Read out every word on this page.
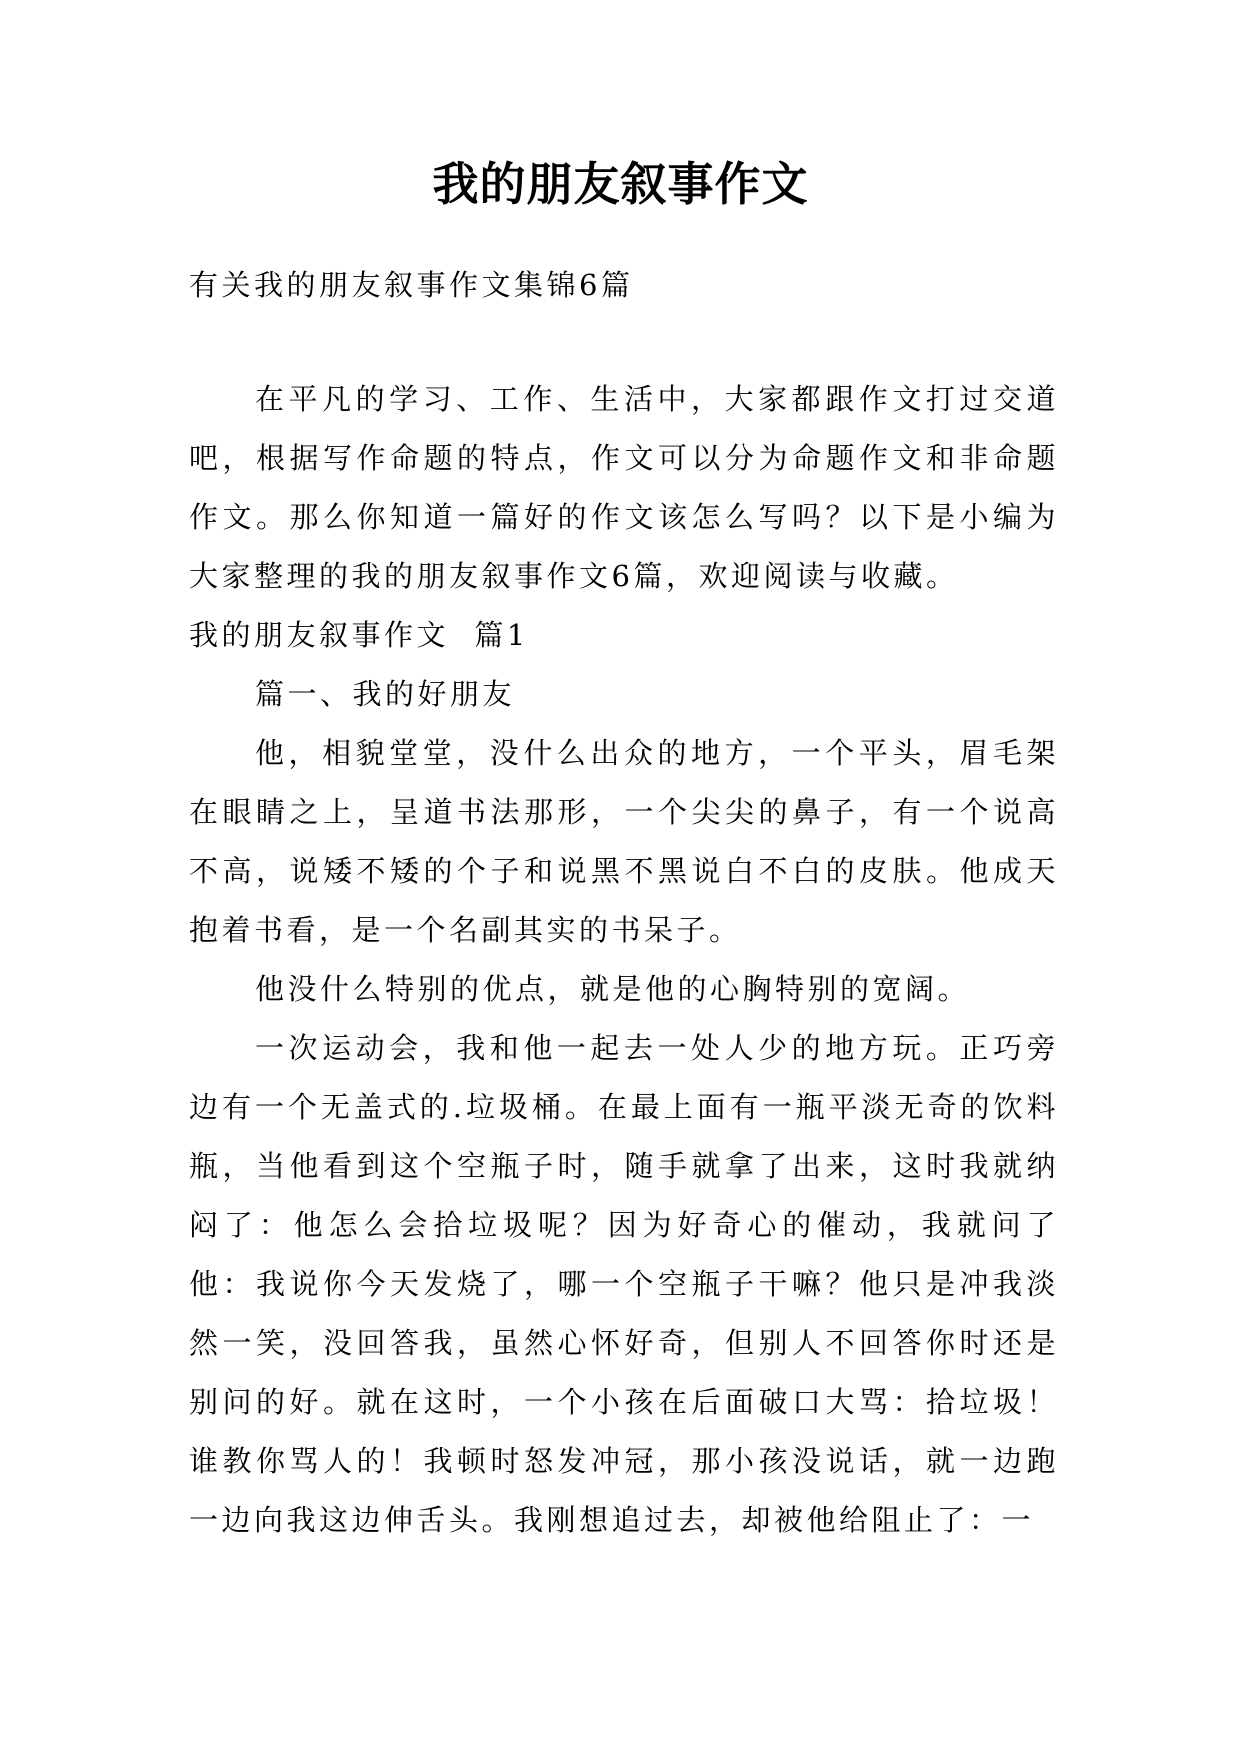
我的朋友叙事作文

有关我的朋友叙事作文集锦6篇

在平凡的学习、工作、生活中，大家都跟作文打过交道吧，根据写作命题的特点，作文可以分为命题作文和非命题作文。那么你知道一篇好的作文该怎么写吗？以下是小编为大家整理的我的朋友叙事作文6篇，欢迎阅读与收藏。

我的朋友叙事作文  篇1

篇一、我的好朋友

他，相貌堂堂，没什么出众的地方，一个平头，眉毛架在眼睛之上，呈道书法那形，一个尖尖的鼻子，有一个说高不高，说矮不矮的个子和说黑不黑说白不白的皮肤。他成天抱着书看，是一个名副其实的书呆子。

他没什么特别的优点，就是他的心胸特别的宽阔。

一次运动会，我和他一起去一处人少的地方玩。正巧旁边有一个无盖式的.垃圾桶。在最上面有一瓶平淡无奇的饮料瓶，当他看到这个空瓶子时，随手就拿了出来，这时我就纳闷了：他怎么会拾垃圾呢？因为好奇心的催动，我就问了他：我说你今天发烧了，哪一个空瓶子干嘛？他只是冲我淡然一笑，没回答我，虽然心怀好奇，但别人不回答你时还是别问的好。就在这时，一个小孩在后面破口大骂：拾垃圾！谁教你骂人的！我顿时怒发冲冠，那小孩没说话，就一边跑一边向我这边伸舌头。我刚想追过去，却被他给阻止了：一
